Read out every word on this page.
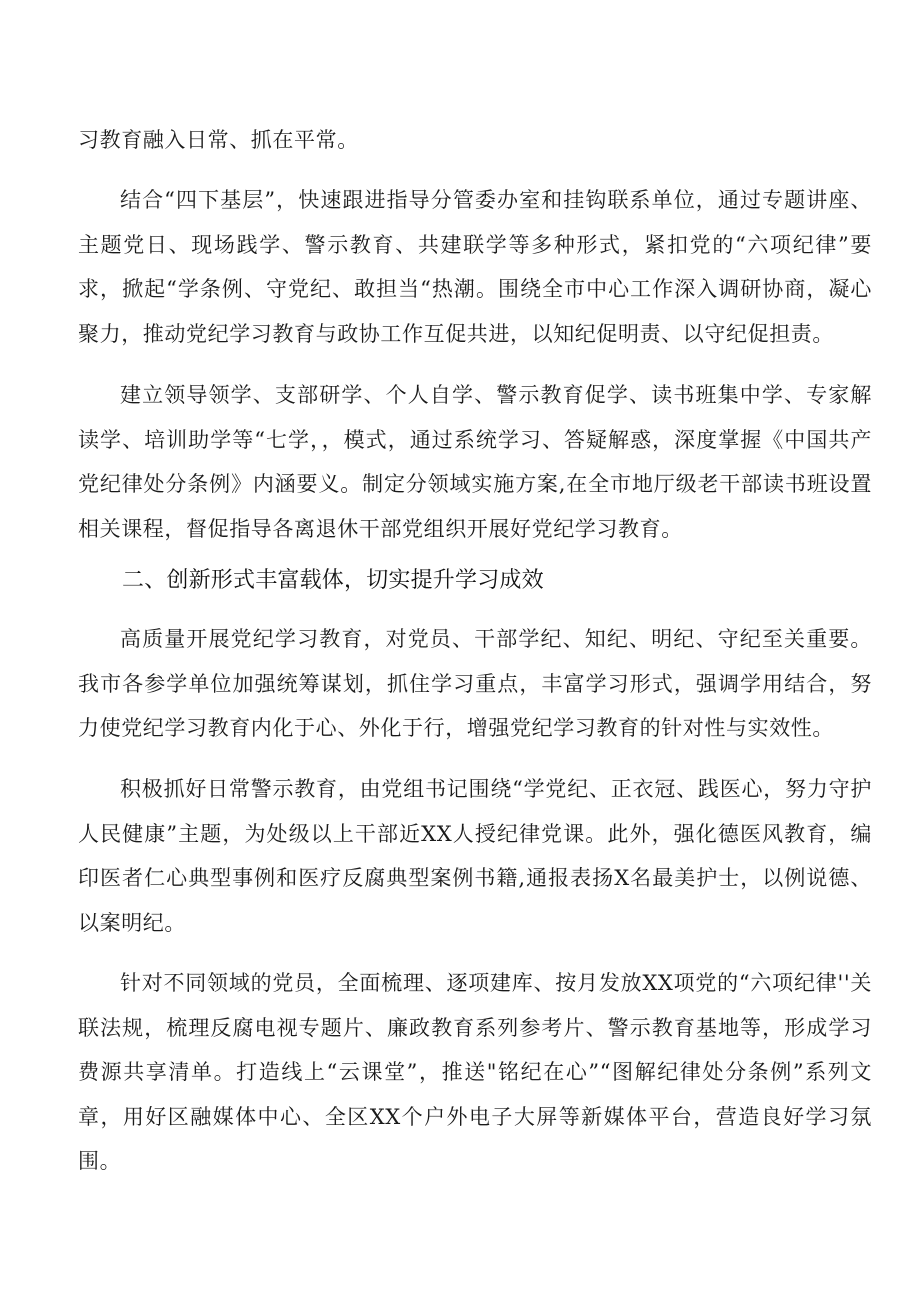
习教育融入日常、抓在平常。

结合“四下基层”，快速跟进指导分管委办室和挂钩联系单位，通过专题讲座、主题党日、现场践学、警示教育、共建联学等多种形式，紧扣党的“六项纪律”要求，掀起“学条例、守党纪、敢担当“热潮。围绕全市中心工作深入调研协商，凝心聚力，推动党纪学习教育与政协工作互促共进，以知纪促明责、以守纪促担责。

建立领导领学、支部研学、个人自学、警示教育促学、读书班集中学、专家解读学、培训助学等“七学，，模式，通过系统学习、答疑解惑，深度掌握《中国共产党纪律处分条例》内涵要义。制定分领域实施方案,在全市地厅级老干部读书班设置相关课程，督促指导各离退休干部党组织开展好党纪学习教育。

二、创新形式丰富载体，切实提升学习成效

高质量开展党纪学习教育，对党员、干部学纪、知纪、明纪、守纪至关重要。我市各参学单位加强统筹谋划，抓住学习重点，丰富学习形式，强调学用结合，努力使党纪学习教育内化于心、外化于行，增强党纪学习教育的针对性与实效性。

积极抓好日常警示教育，由党组书记围绕“学党纪、正衣冠、践医心，努力守护人民健康”主题，为处级以上干部近XX人授纪律党课。此外，强化德医风教育，编印医者仁心典型事例和医疗反腐典型案例书籍,通报表扬X名最美护士，以例说德、以案明纪。

针对不同领域的党员，全面梳理、逐项建库、按月发放XX项党的“六项纪律''关联法规，梳理反腐电视专题片、廉政教育系列参考片、警示教育基地等，形成学习费源共享清单。打造线上“云课堂”，推送"铭纪在心”“图解纪律处分条例”系列文章，用好区融媒体中心、全区XX个户外电子大屏等新媒体平台，营造良好学习氛围。
